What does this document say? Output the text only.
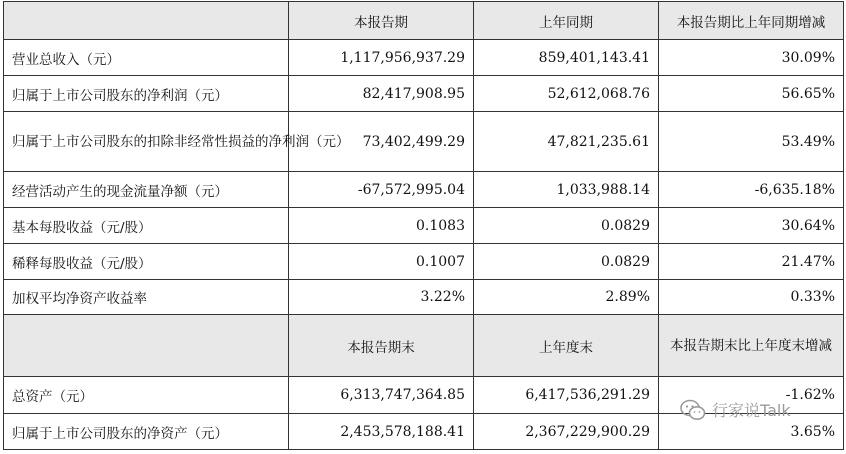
	本报告期	上年同期	本报告期比上年同期增减
营业总收入（元）	1,117,956,937.29	859,401,143.41	30.09%
归属于上市公司股东的净利润（元）	82,417,908.95	52,612,068.76	56.65%
归属于上市公司股东的扣除非经常性损益的净利润（元）	73,402,499.29	47,821,235.61	53.49%
经营活动产生的现金流量净额（元）	-67,572,995.04	1,033,988.14	-6,635.18%
基本每股收益（元/股）	0.1083	0.0829	30.64%
稀释每股收益（元/股）	0.1007	0.0829	21.47%
加权平均净资产收益率	3.22%	2.89%	0.33%
	本报告期末	上年度末	本报告期末比上年度末增减
总资产（元）	6,313,747,364.85	6,417,536,291.29	-1.62%
归属于上市公司股东的净资产（元）	2,453,578,188.41	2,367,229,900.29	3.65%
行家说Talk
